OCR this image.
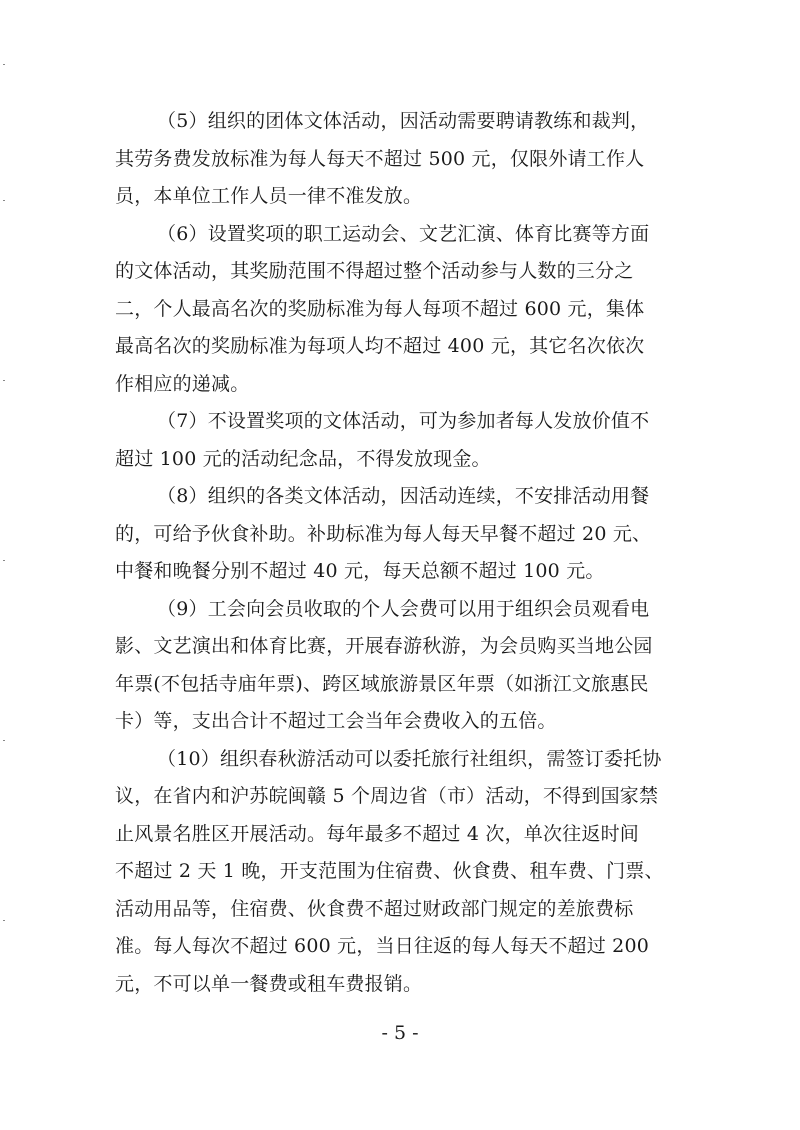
（5）组织的团体文体活动，因活动需要聘请教练和裁判，
其劳务费发放标准为每人每天不超过 500 元，仅限外请工作人
员，本单位工作人员一律不准发放。
（6）设置奖项的职工运动会、文艺汇演、体育比赛等方面
的文体活动，其奖励范围不得超过整个活动参与人数的三分之
二，个人最高名次的奖励标准为每人每项不超过 600 元，集体
最高名次的奖励标准为每项人均不超过 400 元，其它名次依次
作相应的递减。
（7）不设置奖项的文体活动，可为参加者每人发放价值不
超过 100 元的活动纪念品，不得发放现金。
（8）组织的各类文体活动，因活动连续，不安排活动用餐
的，可给予伙食补助。补助标准为每人每天早餐不超过 20 元、
中餐和晚餐分别不超过 40 元，每天总额不超过 100 元。
（9）工会向会员收取的个人会费可以用于组织会员观看电
影、文艺演出和体育比赛，开展春游秋游，为会员购买当地公园
年票(不包括寺庙年票)、跨区域旅游景区年票（如浙江文旅惠民
卡）等，支出合计不超过工会当年会费收入的五倍。
（10）组织春秋游活动可以委托旅行社组织，需签订委托协
议，在省内和沪苏皖闽赣 5 个周边省（市）活动，不得到国家禁
止风景名胜区开展活动。每年最多不超过 4 次，单次往返时间
不超过 2 天 1 晚，开支范围为住宿费、伙食费、租车费、门票、
活动用品等，住宿费、伙食费不超过财政部门规定的差旅费标
准。每人每次不超过 600 元，当日往返的每人每天不超过 200
元，不可以单一餐费或租车费报销。
- 5 -
